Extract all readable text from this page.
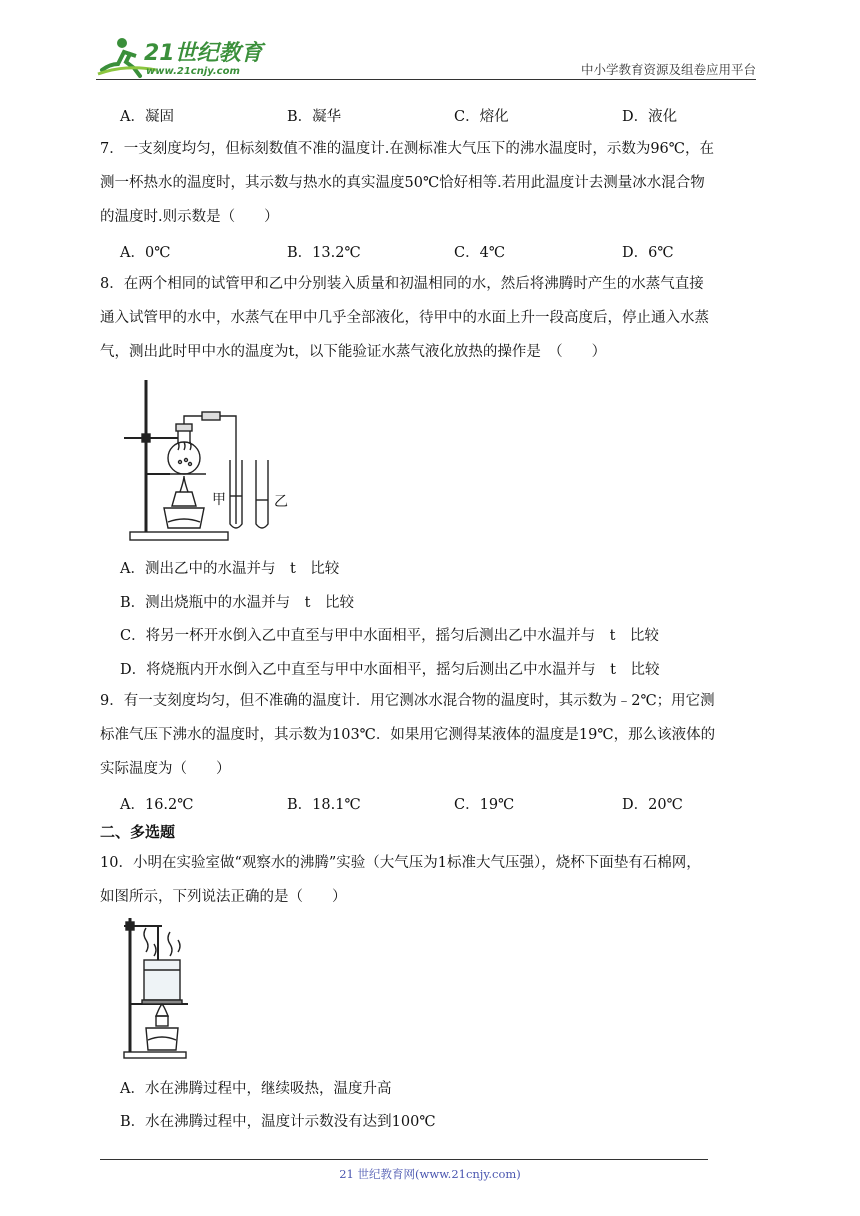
21世纪教育
www.21cnjy.com	中小学教育资源及组卷应用平台
A．凝固	B．凝华	C．熔化	D．液化
7．一支刻度均匀，但标刻数值不准的温度计.在测标准大气压下的沸水温度时，示数为96℃，在
测一杯热水的温度时，其示数与热水的真实温度50℃恰好相等.若用此温度计去测量冰水混合物
的温度时.则示数是（　　）
A．0℃	B．13.2℃	C．4℃	D．6℃
8．在两个相同的试管甲和乙中分别装入质量和初温相同的水，然后将沸腾时产生的水蒸气直接
通入试管甲的水中，水蒸气在甲中几乎全部液化，待甲中的水面上升一段高度后，停止通入水蒸
气，测出此时甲中水的温度为t，以下能验证水蒸气液化放热的操作是　（　　）
甲	乙
A．测出乙中的水温并与　t　比较
B．测出烧瓶中的水温并与　t　比较
C．将另一杯开水倒入乙中直至与甲中水面相平，摇匀后测出乙中水温并与　t　比较
D．将烧瓶内开水倒入乙中直至与甲中水面相平，摇匀后测出乙中水温并与　t　比较
9．有一支刻度均匀，但不准确的温度计．用它测冰水混合物的温度时，其示数为﹣2℃；用它测
标准气压下沸水的温度时，其示数为103℃．如果用它测得某液体的温度是19℃，那么该液体的
实际温度为（　　）
A．16.2℃	B．18.1℃	C．19℃	D．20℃
二、多选题
10．小明在实验室做“观察水的沸腾”实验（大气压为1标准大气压强），烧杯下面垫有石棉网，
如图所示，下列说法正确的是（　　）
A．水在沸腾过程中，继续吸热，温度升高
B．水在沸腾过程中，温度计示数没有达到100℃
21 世纪教育网(www.21cnjy.com)
